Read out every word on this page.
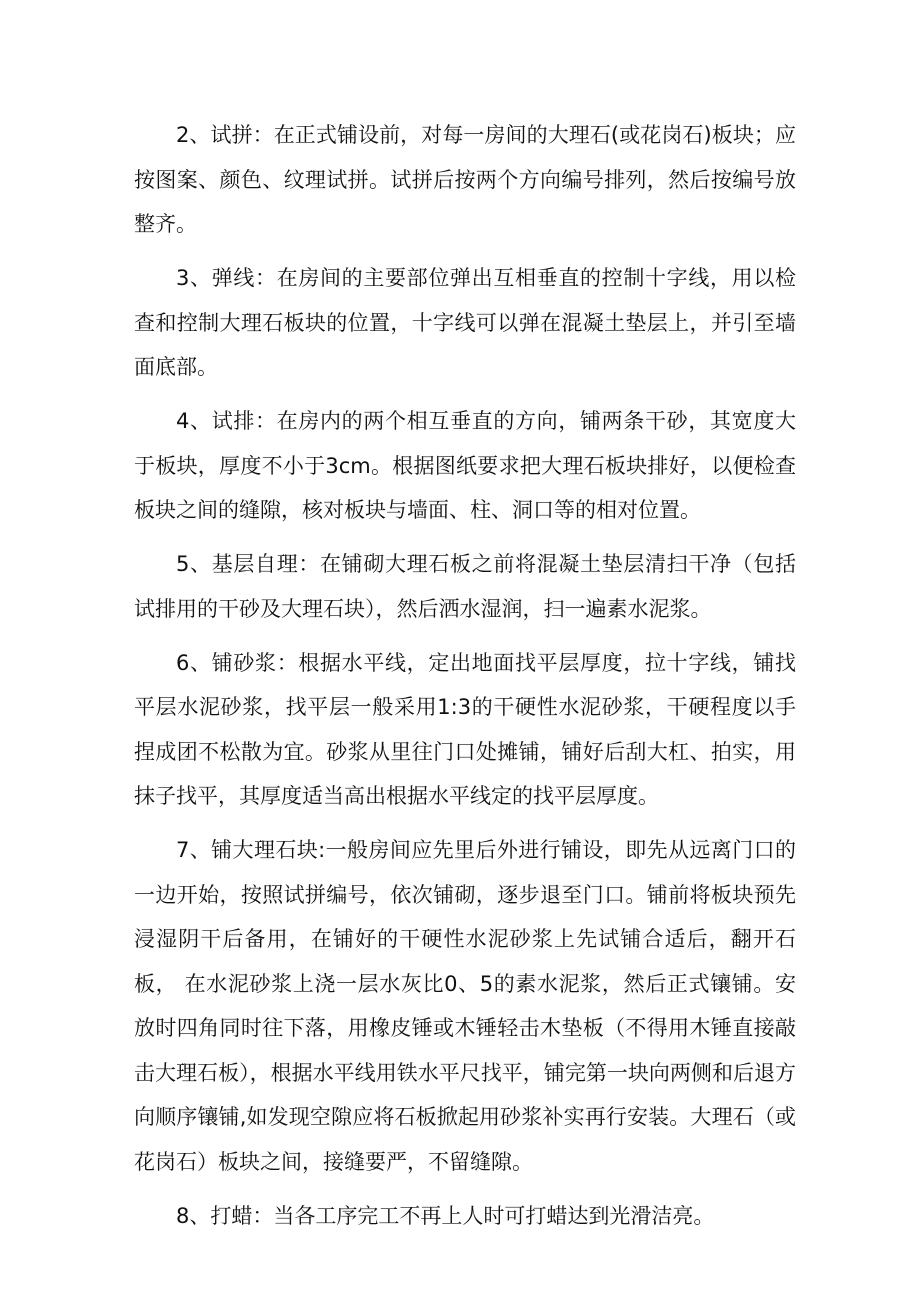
2、试拼：在正式铺设前，对每一房间的大理石(或花岗石)板块；应按图案、颜色、纹理试拼。试拼后按两个方向编号排列，然后按编号放整齐。

3、弹线：在房间的主要部位弹出互相垂直的控制十字线，用以检查和控制大理石板块的位置，十字线可以弹在混凝土垫层上，并引至墙面底部。

4、试排：在房内的两个相互垂直的方向，铺两条干砂，其宽度大于板块，厚度不小于3cm。根据图纸要求把大理石板块排好，以便检查板块之间的缝隙，核对板块与墙面、柱、洞口等的相对位置。

5、基层自理：在铺砌大理石板之前将混凝土垫层清扫干净（包括试排用的干砂及大理石块），然后洒水湿润，扫一遍素水泥浆。

6、铺砂浆：根据水平线，定出地面找平层厚度，拉十字线，铺找平层水泥砂浆，找平层一般采用1:3的干硬性水泥砂浆，干硬程度以手捏成团不松散为宜。砂浆从里往门口处摊铺，铺好后刮大杠、拍实，用抹子找平，其厚度适当高出根据水平线定的找平层厚度。

7、铺大理石块:一般房间应先里后外进行铺设，即先从远离门口的一边开始，按照试拼编号，依次铺砌，逐步退至门口。铺前将板块预先浸湿阴干后备用，在铺好的干硬性水泥砂浆上先试铺合适后，翻开石板， 在水泥砂浆上浇一层水灰比0、5的素水泥浆，然后正式镶铺。安放时四角同时往下落，用橡皮锤或木锤轻击木垫板（不得用木锤直接敲击大理石板），根据水平线用铁水平尺找平，铺完第一块向两侧和后退方向顺序镶铺,如发现空隙应将石板掀起用砂浆补实再行安装。大理石（或花岗石）板块之间，接缝要严，不留缝隙。

8、打蜡：当各工序完工不再上人时可打蜡达到光滑洁亮。
